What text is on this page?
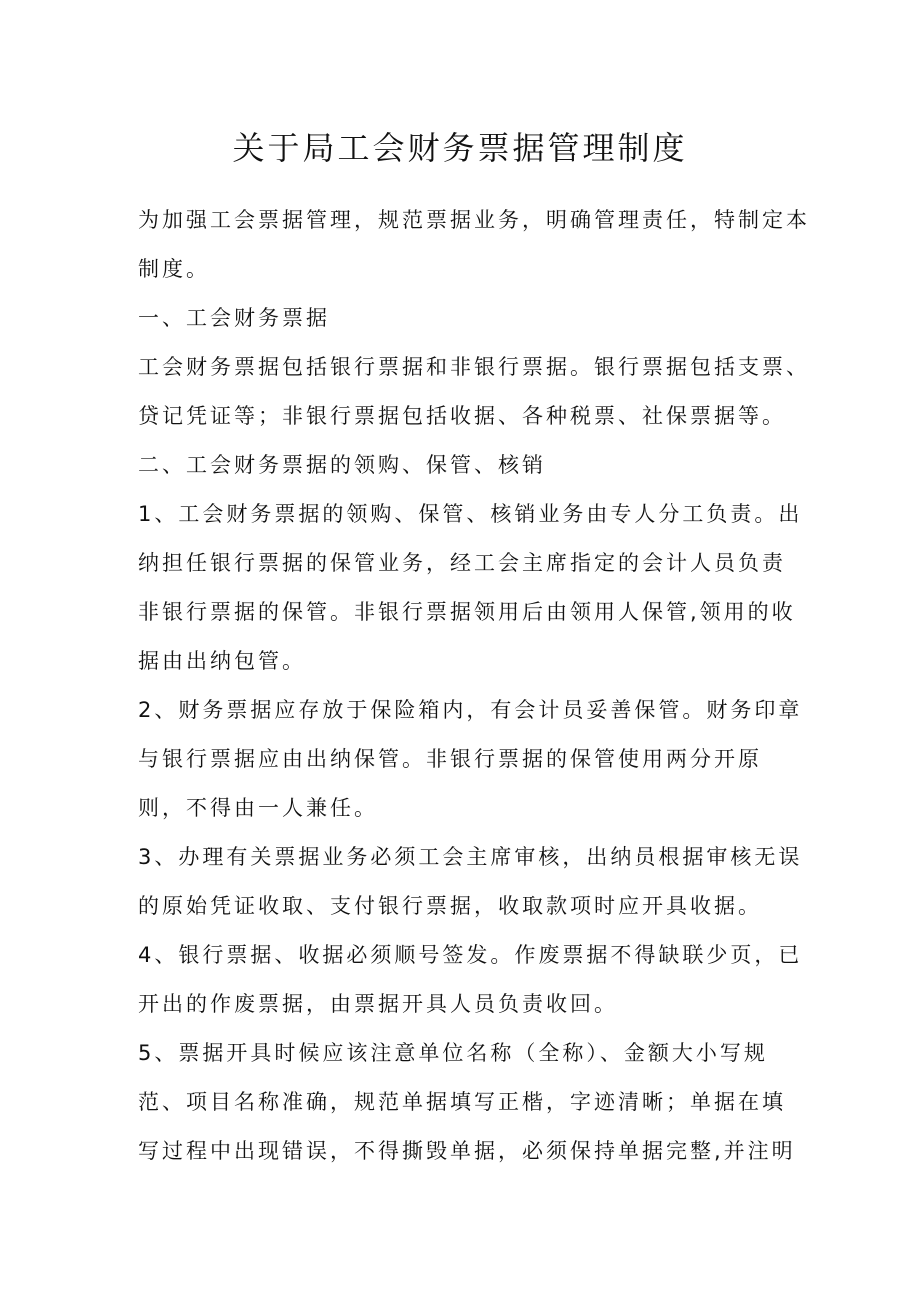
关于局工会财务票据管理制度

为加强工会票据管理，规范票据业务，明确管理责任，特制定本

制度。

一、工会财务票据

工会财务票据包括银行票据和非银行票据。银行票据包括支票、

贷记凭证等；非银行票据包括收据、各种税票、社保票据等。

二、工会财务票据的领购、保管、核销

1、工会财务票据的领购、保管、核销业务由专人分工负责。出

纳担任银行票据的保管业务，经工会主席指定的会计人员负责

非银行票据的保管。非银行票据领用后由领用人保管,领用的收

据由出纳包管。

2、财务票据应存放于保险箱内，有会计员妥善保管。财务印章

与银行票据应由出纳保管。非银行票据的保管使用两分开原

则，不得由一人兼任。

3、办理有关票据业务必须工会主席审核，出纳员根据审核无误

的原始凭证收取、支付银行票据，收取款项时应开具收据。

4、银行票据、收据必须顺号签发。作废票据不得缺联少页，已

开出的作废票据，由票据开具人员负责收回。

5、票据开具时候应该注意单位名称（全称）、金额大小写规

范、项目名称准确，规范单据填写正楷，字迹清晰；单据在填

写过程中出现错误，不得撕毁单据，必须保持单据完整,并注明
